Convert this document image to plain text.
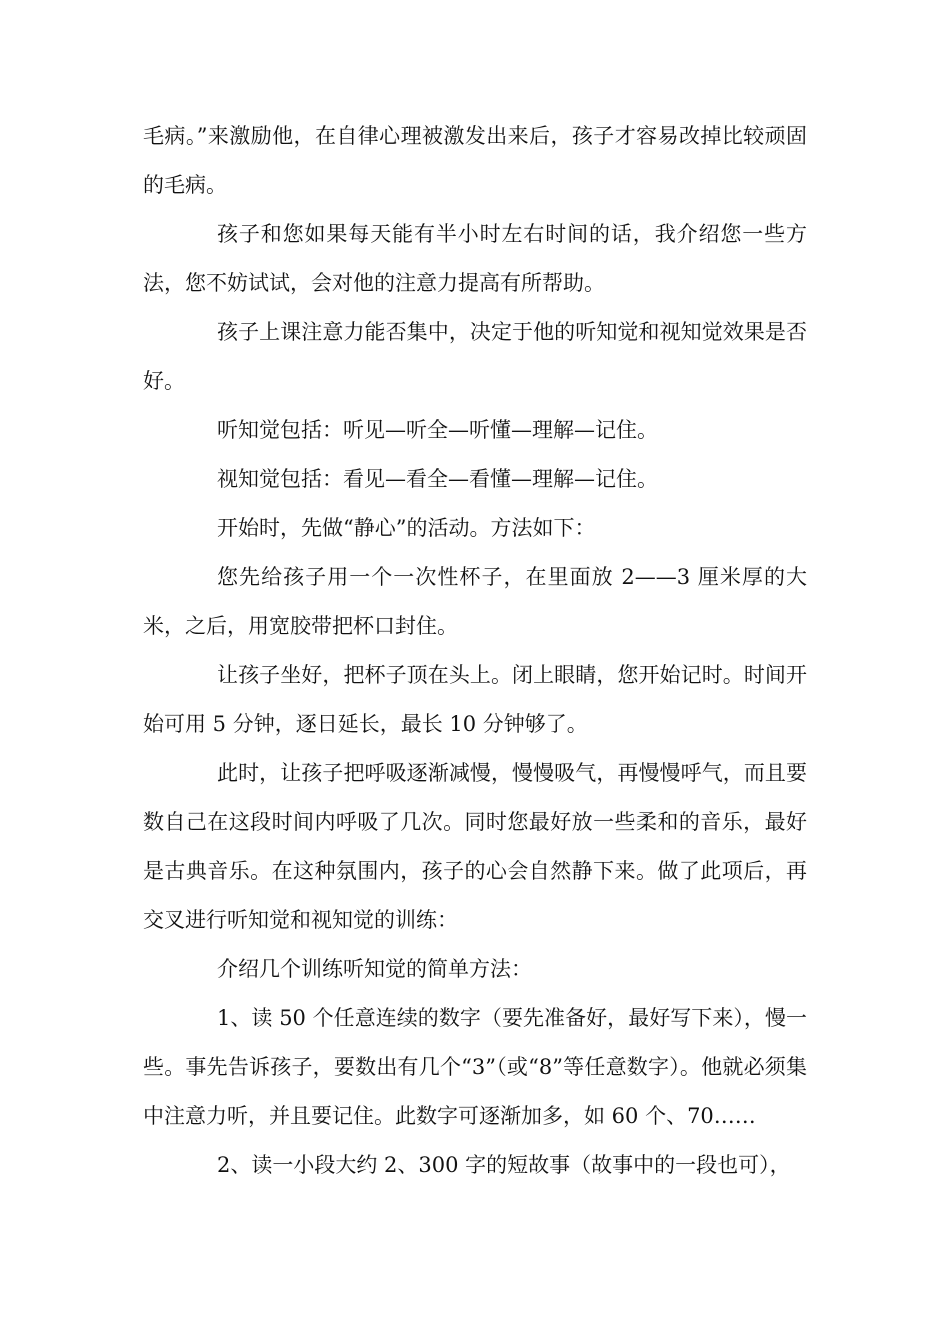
毛病。”来激励他，在自律心理被激发出来后，孩子才容易改掉比较顽固的毛病。

孩子和您如果每天能有半小时左右时间的话，我介绍您一些方法，您不妨试试，会对他的注意力提高有所帮助。

孩子上课注意力能否集中，决定于他的听知觉和视知觉效果是否好。

听知觉包括：听见—听全—听懂—理解—记住。

视知觉包括：看见—看全—看懂—理解—记住。

开始时，先做“静心”的活动。方法如下：

您先给孩子用一个一次性杯子，在里面放 2——3 厘米厚的大米，之后，用宽胶带把杯口封住。

让孩子坐好，把杯子顶在头上。闭上眼睛，您开始记时。时间开始可用 5 分钟，逐日延长，最长 10 分钟够了。

此时，让孩子把呼吸逐渐减慢，慢慢吸气，再慢慢呼气，而且要数自己在这段时间内呼吸了几次。同时您最好放一些柔和的音乐，最好是古典音乐。在这种氛围内，孩子的心会自然静下来。做了此项后，再交叉进行听知觉和视知觉的训练：

介绍几个训练听知觉的简单方法：

1、读 50 个任意连续的数字（要先准备好，最好写下来），慢一些。事先告诉孩子，要数出有几个“3”（或“8”等任意数字）。他就必须集中注意力听，并且要记住。此数字可逐渐加多，如 60 个、70……

2、读一小段大约 2、300 字的短故事（故事中的一段也可），
